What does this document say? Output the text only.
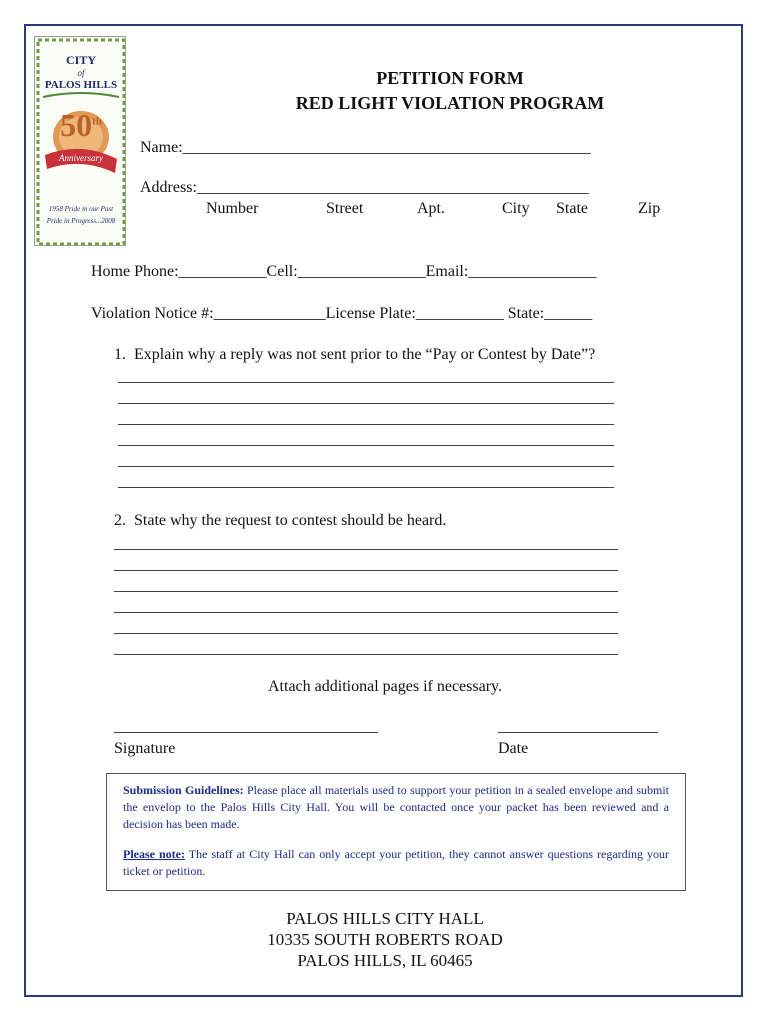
CITY
of
PALOS HILLS
50th
Anniversary
1958 Pride in our Past
Pride in Progress...2008
PETITION FORM
RED LIGHT VIOLATION PROGRAM
Name:___________________________________________________
Address:_________________________________________________
Number	Street	Apt.	City State	Zip
Home Phone:___________Cell:________________Email:________________
Violation Notice #:______________License Plate:___________ State:______
1.  Explain why a reply was not sent prior to the “Pay or Contest by Date”?
______________________________________________________________
______________________________________________________________
______________________________________________________________
______________________________________________________________
______________________________________________________________
______________________________________________________________
2.  State why the request to contest should be heard.
_______________________________________________________________
_______________________________________________________________
_______________________________________________________________
_______________________________________________________________
_______________________________________________________________
_______________________________________________________________
Attach additional pages if necessary.
_________________________________
Signature
____________________
Date

Submission Guidelines: Please place all materials used to support your petition in a sealed envelope and submit the envelop to the Palos Hills City Hall. You will be contacted once your packet has been reviewed and a decision has been made.

Please note: The staff at City Hall can only accept your petition, they cannot answer questions regarding your ticket or petition.

PALOS HILLS CITY HALL
10335 SOUTH ROBERTS ROAD
PALOS HILLS, IL 60465
